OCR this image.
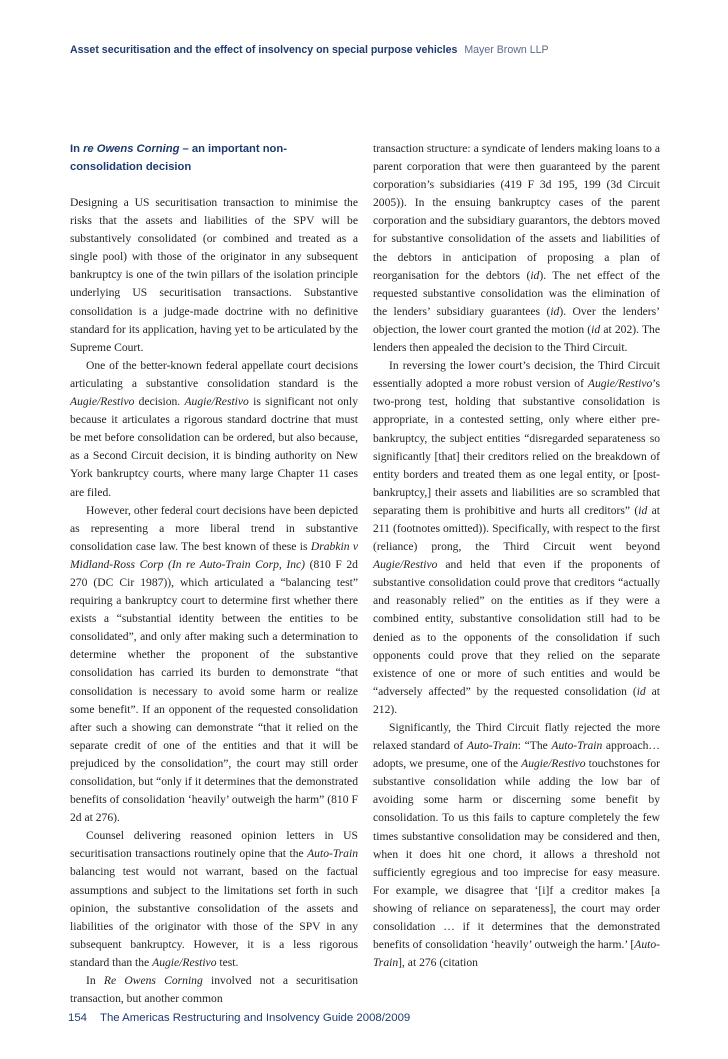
Asset securitisation and the effect of insolvency on special purpose vehicles Mayer Brown LLP
In re Owens Corning – an important non-consolidation decision

Designing a US securitisation transaction to minimise the risks that the assets and liabilities of the SPV will be substantively consolidated (or combined and treated as a single pool) with those of the originator in any subsequent bankruptcy is one of the twin pillars of the isolation principle underlying US securitisation transactions. Substantive consolidation is a judge-made doctrine with no definitive standard for its application, having yet to be articulated by the Supreme Court.

One of the better-known federal appellate court decisions articulating a substantive consolidation standard is the Augie/Restivo decision. Augie/Restivo is significant not only because it articulates a rigorous standard doctrine that must be met before consolidation can be ordered, but also because, as a Second Circuit decision, it is binding authority on New York bankruptcy courts, where many large Chapter 11 cases are filed.

However, other federal court decisions have been depicted as representing a more liberal trend in substantive consolidation case law. The best known of these is Drabkin v Midland-Ross Corp (In re Auto-Train Corp, Inc) (810 F 2d 270 (DC Cir 1987)), which articulated a “balancing test” requiring a bankruptcy court to determine first whether there exists a “substantial identity between the entities to be consolidated”, and only after making such a determination to determine whether the proponent of the substantive consolidation has carried its burden to demonstrate “that consolidation is necessary to avoid some harm or realize some benefit”. If an opponent of the requested consolidation after such a showing can demonstrate “that it relied on the separate credit of one of the entities and that it will be prejudiced by the consolidation”, the court may still order consolidation, but “only if it determines that the demonstrated benefits of consolidation ‘heavily’ outweigh the harm” (810 F 2d at 276).

Counsel delivering reasoned opinion letters in US securitisation transactions routinely opine that the Auto-Train balancing test would not warrant, based on the factual assumptions and subject to the limitations set forth in such opinion, the substantive consolidation of the assets and liabilities of the originator with those of the SPV in any subsequent bankruptcy. However, it is a less rigorous standard than the Augie/Restivo test.

In Re Owens Corning involved not a securitisation transaction, but another common

transaction structure: a syndicate of lenders making loans to a parent corporation that were then guaranteed by the parent corporation’s subsidiaries (419 F 3d 195, 199 (3d Circuit 2005)). In the ensuing bankruptcy cases of the parent corporation and the subsidiary guarantors, the debtors moved for substantive consolidation of the assets and liabilities of the debtors in anticipation of proposing a plan of reorganisation for the debtors (id). The net effect of the requested substantive consolidation was the elimination of the lenders’ subsidiary guarantees (id). Over the lenders’ objection, the lower court granted the motion (id at 202). The lenders then appealed the decision to the Third Circuit.

In reversing the lower court’s decision, the Third Circuit essentially adopted a more robust version of Augie/Restivo’s two-prong test, holding that substantive consolidation is appropriate, in a contested setting, only where either pre-bankruptcy, the subject entities “disregarded separateness so significantly [that] their creditors relied on the breakdown of entity borders and treated them as one legal entity, or [post-bankruptcy,] their assets and liabilities are so scrambled that separating them is prohibitive and hurts all creditors” (id at 211 (footnotes omitted)). Specifically, with respect to the first (reliance) prong, the Third Circuit went beyond Augie/Restivo and held that even if the proponents of substantive consolidation could prove that creditors “actually and reasonably relied” on the entities as if they were a combined entity, substantive consolidation still had to be denied as to the opponents of the consolidation if such opponents could prove that they relied on the separate existence of one or more of such entities and would be “adversely affected” by the requested consolidation (id at 212).

Significantly, the Third Circuit flatly rejected the more relaxed standard of Auto-Train: “The Auto-Train approach… adopts, we presume, one of the Augie/Restivo touchstones for substantive consolidation while adding the low bar of avoiding some harm or discerning some benefit by consolidation. To us this fails to capture completely the few times substantive consolidation may be considered and then, when it does hit one chord, it allows a threshold not sufficiently egregious and too imprecise for easy measure. For example, we disagree that ‘[i]f a creditor makes [a showing of reliance on separateness], the court may order consolidation … if it determines that the demonstrated benefits of consolidation ‘heavily’ outweigh the harm.’ [Auto-Train], at 276 (citation

154 The Americas Restructuring and Insolvency Guide 2008/2009
